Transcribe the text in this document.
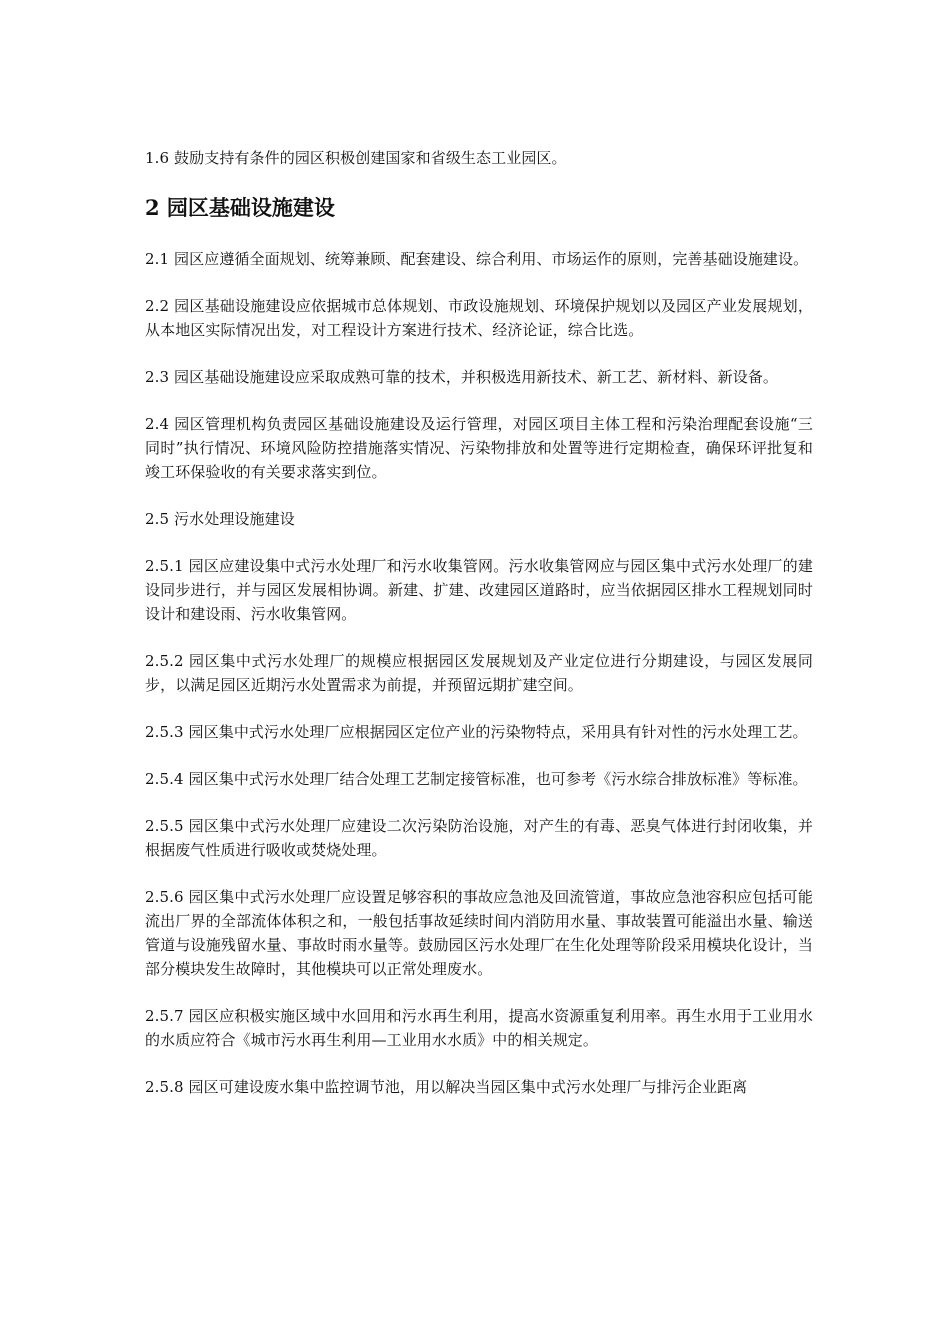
1.6 鼓励支持有条件的园区积极创建国家和省级生态工业园区。

2 园区基础设施建设

2.1 园区应遵循全面规划、统筹兼顾、配套建设、综合利用、市场运作的原则，完善基础设施建设。

2.2 园区基础设施建设应依据城市总体规划、市政设施规划、环境保护规划以及园区产业发展规划，从本地区实际情况出发，对工程设计方案进行技术、经济论证，综合比选。

2.3 园区基础设施建设应采取成熟可靠的技术，并积极选用新技术、新工艺、新材料、新设备。

2.4 园区管理机构负责园区基础设施建设及运行管理，对园区项目主体工程和污染治理配套设施“三同时”执行情况、环境风险防控措施落实情况、污染物排放和处置等进行定期检查，确保环评批复和竣工环保验收的有关要求落实到位。

2.5 污水处理设施建设

2.5.1 园区应建设集中式污水处理厂和污水收集管网。污水收集管网应与园区集中式污水处理厂的建设同步进行，并与园区发展相协调。新建、扩建、改建园区道路时，应当依据园区排水工程规划同时设计和建设雨、污水收集管网。

2.5.2 园区集中式污水处理厂的规模应根据园区发展规划及产业定位进行分期建设，与园区发展同步，以满足园区近期污水处置需求为前提，并预留远期扩建空间。

2.5.3 园区集中式污水处理厂应根据园区定位产业的污染物特点，采用具有针对性的污水处理工艺。

2.5.4 园区集中式污水处理厂结合处理工艺制定接管标准，也可参考《污水综合排放标准》等标准。

2.5.5 园区集中式污水处理厂应建设二次污染防治设施，对产生的有毒、恶臭气体进行封闭收集，并根据废气性质进行吸收或焚烧处理。

2.5.6 园区集中式污水处理厂应设置足够容积的事故应急池及回流管道，事故应急池容积应包括可能流出厂界的全部流体体积之和，一般包括事故延续时间内消防用水量、事故装置可能溢出水量、输送管道与设施残留水量、事故时雨水量等。鼓励园区污水处理厂在生化处理等阶段采用模块化设计，当部分模块发生故障时，其他模块可以正常处理废水。

2.5.7 园区应积极实施区域中水回用和污水再生利用，提高水资源重复利用率。再生水用于工业用水的水质应符合《城市污水再生利用—工业用水水质》中的相关规定。

2.5.8 园区可建设废水集中监控调节池，用以解决当园区集中式污水处理厂与排污企业距离
